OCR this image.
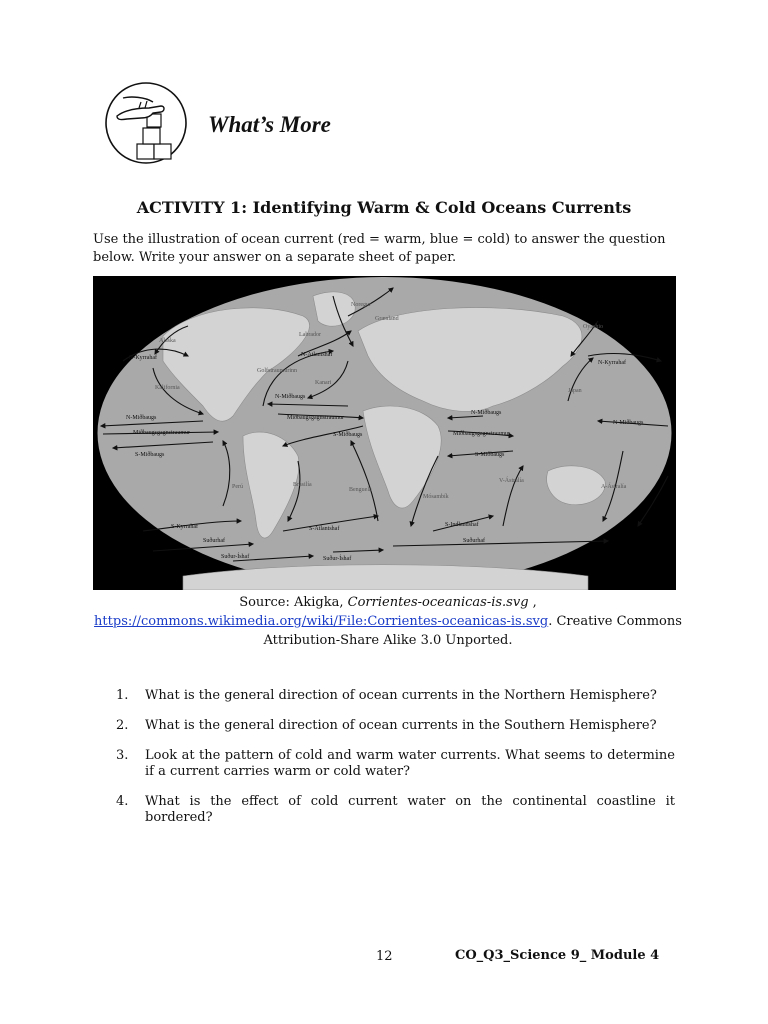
What’s More
ACTIVITY 1: Identifying Warm & Cold Oceans Currents

Use the illustration of ocean current (red = warm, blue = cold) to answer the question below. Write your answer on a separate sheet of paper.

Labrador
N-Atlantshaf
Golfstraumurinn
Kanari
N-Miðbaugs
Miðbaugsgagnstraumur
S-Miðbaugs
Alaska
N-Kyrrahaf
Kalifornia
N-Miðbaugs
Miðbaugsgagnstraumur
S-Miðbaugs
Perú	Brasilía
Benguela
S-Kyrrahaf	S-Atlantshaf
Suðurhaf
Suður-Íshaf	Suður-Íshaf
Suðurhaf
N-Miðbaugs
Miðbaugsgagnstraumur
S-Miðbaugs
Mósambík
V-Ástralía
S-Indlandshaf
Oyashio
N-Kyrrahaf
Japan
N-Miðbaugs
A-Ástralía
Noregur
Grænland

Source: Akigka, Corrientes-oceanicas-is.svg ,
https://commons.wikimedia.org/wiki/File:Corrientes-oceanicas-is.svg. Creative Commons Attribution-Share Alike 3.0 Unported.

1.	What is the general direction of ocean currents in the Northern Hemisphere?
2.	What is the general direction of ocean currents in the Southern Hemisphere?
3.	Look at the pattern of cold and warm water currents. What seems to determine if a current carries warm or cold water?
4.	What is the effect of cold current water on the continental coastline it bordered?
12	CO_Q3_Science 9_ Module 4
